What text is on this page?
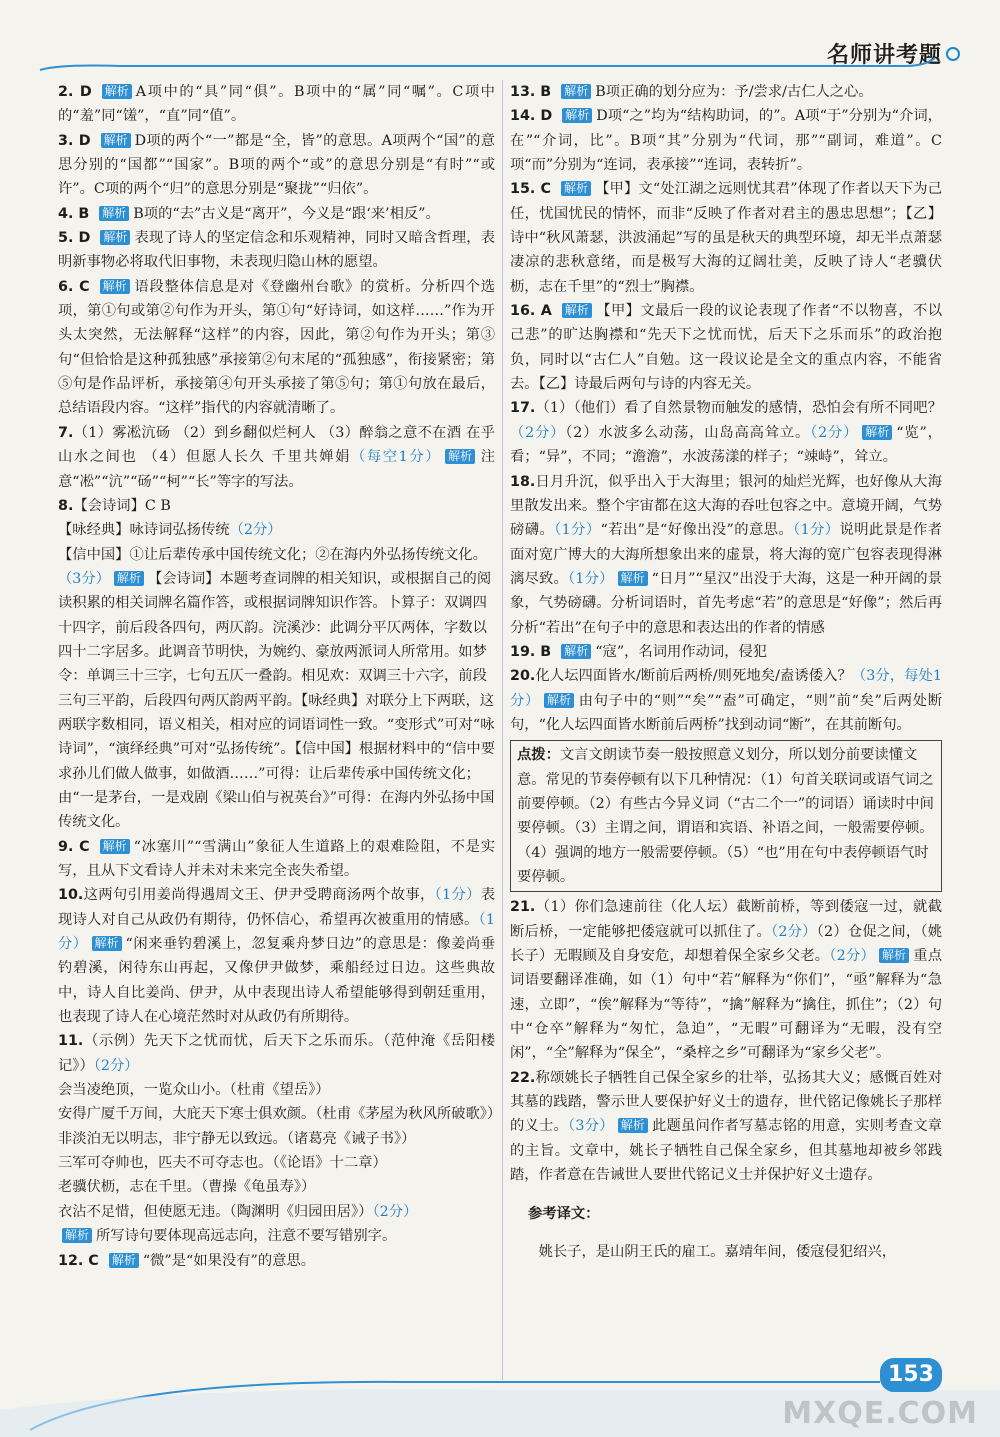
名师讲考题

2. D 解析 A项中的“具”同“俱”。B项中的“属”同“嘱”。C项中的“羞”同“馐”，“直”同“值”。

3. D 解析 D项的两个“一”都是“全，皆”的意思。A项两个“国”的意思分别的“国都”“国家”。B项的两个“或”的意思分别是“有时”“或许”。C项的两个“归”的意思分别是“聚拢”“归依”。

4. B 解析 B项的“去”古义是“离开”，今义是“跟‘来’相反”。

5. D 解析 表现了诗人的坚定信念和乐观精神，同时又暗含哲理，表明新事物必将取代旧事物，未表现归隐山林的愿望。

6. C 解析 语段整体信息是对《登幽州台歌》的赏析。分析四个选项，第①句或第②句作为开头，第①句“好诗词，如这样……”作为开头太突然，无法解释“这样”的内容，因此，第②句作为开头；第③句“但恰恰是这种孤独感”承接第②句末尾的“孤独感”，衔接紧密；第⑤句是作品评析，承接第④句开头承接了第⑤句；第①句放在最后，总结语段内容。“这样”指代的内容就清晰了。

7.（1）雾凇沆砀 （2）到乡翻似烂柯人 （3）醉翁之意不在酒 在乎山水之间也 （4）但愿人长久 千里共婵娟（每空1分） 解析 注意“凇”“沆”“砀”“柯”“长”等字的写法。

8.【会诗词】C B

【咏经典】咏诗词弘扬传统（2分）

【信中国】①让后辈传承中国传统文化；②在海内外弘扬传统文化。（3分） 解析 【会诗词】本题考查词牌的相关知识，或根据自己的阅读积累的相关词牌名篇作答，或根据词牌知识作答。卜算子：双调四十四字，前后段各四句，两仄韵。浣溪沙：此调分平仄两体，字数以四十二字居多。此调音节明快，为婉约、豪放两派词人所常用。如梦令：单调三十三字，七句五仄一叠韵。相见欢：双调三十六字，前段三句三平韵，后段四句两仄韵两平韵。【咏经典】对联分上下两联，这两联字数相同，语义相关，相对应的词语词性一致。“变形式”可对“咏诗词”，“演绎经典”可对“弘扬传统”。【信中国】根据材料中的“信中要求孙儿们做人做事，如做酒……”可得：让后辈传承中国传统文化；由“一是茅台，一是戏剧《梁山伯与祝英台》”可得：在海内外弘扬中国传统文化。

9. C 解析 “冰塞川”“雪满山”象征人生道路上的艰难险阻，不是实写，且从下文看诗人并未对未来完全丧失希望。

10.这两句引用姜尚得遇周文王、伊尹受聘商汤两个故事，（1分）表现诗人对自己从政仍有期待，仍怀信心，希望再次被重用的情感。（1分） 解析 “闲来垂钓碧溪上，忽复乘舟梦日边”的意思是：像姜尚垂钓碧溪，闲待东山再起，又像伊尹做梦，乘船经过日边。这些典故中，诗人自比姜尚、伊尹，从中表现出诗人希望能够得到朝廷重用，也表现了诗人在心境茫然时对从政仍有所期待。

11.（示例）先天下之忧而忧，后天下之乐而乐。（范仲淹《岳阳楼记》）（2分）

会当凌绝顶，一览众山小。（杜甫《望岳》）

安得广厦千万间，大庇天下寒士俱欢颜。（杜甫《茅屋为秋风所破歌》）

非淡泊无以明志，非宁静无以致远。（诸葛亮《诫子书》）

三军可夺帅也，匹夫不可夺志也。（《论语》十二章）

老骥伏枥，志在千里。（曹操《龟虽寿》）

衣沾不足惜，但使愿无违。（陶渊明《归园田居》）（2分）

解析 所写诗句要体现高远志向，注意不要写错别字。

12. C 解析 “微”是“如果没有”的意思。

13. B 解析 B项正确的划分应为：予/尝求/古仁人之心。

14. D 解析 D项“之”均为“结构助词，的”。A项“于”分别为“介词，在”“介词，比”。B项“其”分别为“代词，那”“副词，难道”。C项“而”分别为“连词，表承接”“连词，表转折”。

15. C 解析 【甲】文“处江湖之远则忧其君”体现了作者以天下为己任，忧国忧民的情怀，而非“反映了作者对君主的愚忠思想”；【乙】诗中“秋风萧瑟，洪波涌起”写的虽是秋天的典型环境，却无半点萧瑟凄凉的悲秋意绪，而是极写大海的辽阔壮美，反映了诗人“老骥伏枥，志在千里”的“烈士”胸襟。

16. A 解析 【甲】文最后一段的议论表现了作者“不以物喜，不以己悲”的旷达胸襟和“先天下之忧而忧，后天下之乐而乐”的政治抱负，同时以“古仁人”自勉。这一段议论是全文的重点内容，不能省去。【乙】诗最后两句与诗的内容无关。

17.（1）（他们）看了自然景物而触发的感情，恐怕会有所不同吧？（2分）（2）水波多么动荡，山岛高高耸立。（2分） 解析 “览”，看；“异”，不同；“澹澹”，水波荡漾的样子；“竦峙”，耸立。

18.日月升沉，似乎出入于大海里；银河的灿烂光辉，也好像从大海里散发出来。整个宇宙都在这大海的吞吐包容之中。意境开阔，气势磅礴。（1分）“若出”是“好像出没”的意思。（1分）说明此景是作者面对宽广博大的大海所想象出来的虚景，将大海的宽广包容表现得淋漓尽致。（1分） 解析 “日月”“星汉”出没于大海，这是一种开阔的景象，气势磅礴。分析词语时，首先考虑“若”的意思是“好像”；然后再分析“若出”在句子中的意思和表达出的作者的情感

19. B 解析 “寇”，名词用作动词，侵犯

20.化人坛四面皆水/断前后两桥/则死地矣/盍诱倭入？（3分，每处1分） 解析 由句子中的“则”“矣”“盍”可确定，“则”前“矣”后两处断句，“化人坛四面皆水断前后两桥”找到动词“断”，在其前断句。

点拨：文言文朗读节奏一般按照意义划分，所以划分前要读懂文意。常见的节奏停顿有以下几种情况：（1）句首关联词或语气词之前要停顿。（2）有些古今异义词（“古二个一”的词语）诵读时中间要停顿。（3）主谓之间，谓语和宾语、补语之间，一般需要停顿。（4）强调的地方一般需要停顿。（5）“也”用在句中表停顿语气时要停顿。

21.（1）你们急速前往（化人坛）截断前桥，等到倭寇一过，就截断后桥，一定能够把倭寇就可以抓住了。（2分）（2）仓促之间，（姚长子）无暇顾及自身安危，却想着保全家乡父老。（2分） 解析 重点词语要翻译准确，如（1）句中“若”解释为“你们”，“亟”解释为“急速，立即”，“俟”解释为“等待”，“擒”解释为“擒住，抓住”；（2）句中“仓卒”解释为“匆忙，急迫”，“无暇”可翻译为“无暇，没有空闲”，“全”解释为“保全”，“桑梓之乡”可翻译为“家乡父老”。

22.称颂姚长子牺牲自己保全家乡的壮举，弘扬其大义；感慨百姓对其墓的践踏，警示世人要保护好义士的遗存，世代铭记像姚长子那样的义士。（3分） 解析 此题虽问作者写墓志铭的用意，实则考查文章的主旨。文章中，姚长子牺牲自己保全家乡，但其墓地却被乡邻践踏，作者意在告诫世人要世代铭记义士并保护好义士遗存。

参考译文：

姚长子，是山阴王氏的雇工。嘉靖年间，倭寇侵犯绍兴，

153
MXQE.COM
